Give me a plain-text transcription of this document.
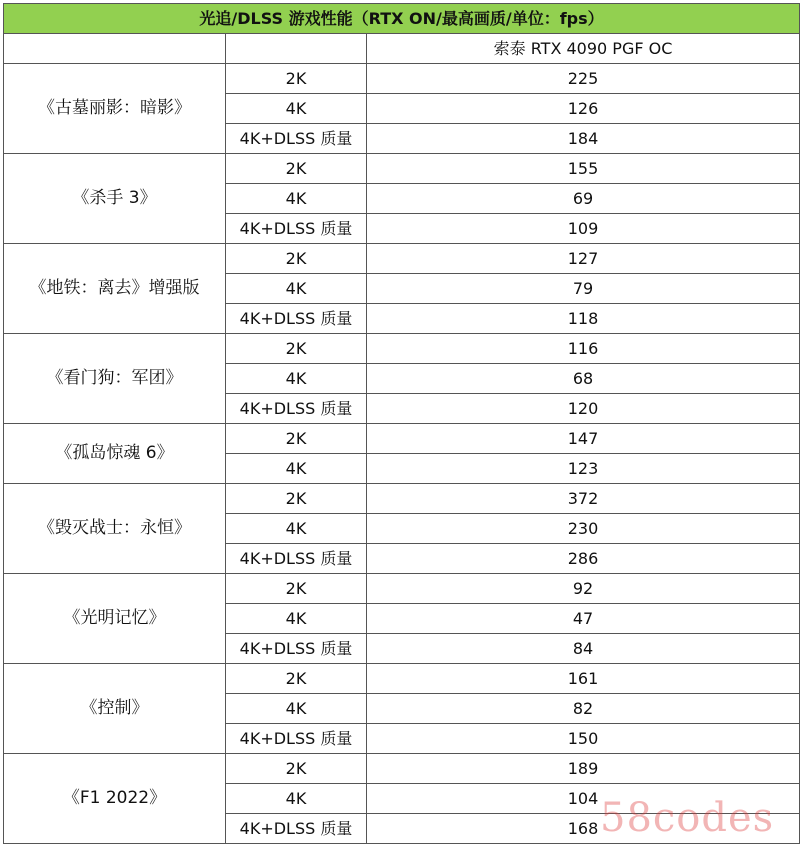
光追/DLSS 游戏性能（RTX ON/最高画质/单位：fps）		
		索泰 RTX 4090 PGF OC
《古墓丽影：暗影》	2K	225
	4K	126
	4K+DLSS 质量	184
《杀手 3》	2K	155
	4K	69
	4K+DLSS 质量	109
《地铁：离去》增强版	2K	127
	4K	79
	4K+DLSS 质量	118
《看门狗：军团》	2K	116
	4K	68
	4K+DLSS 质量	120
《孤岛惊魂 6》	2K	147
	4K	123
《毁灭战士：永恒》	2K	372
	4K	230
	4K+DLSS 质量	286
《光明记忆》	2K	92
	4K	47
	4K+DLSS 质量	84
《控制》	2K	161
	4K	82
	4K+DLSS 质量	150
《F1 2022》	2K	189
	4K	104
	4K+DLSS 质量	168 58codes
